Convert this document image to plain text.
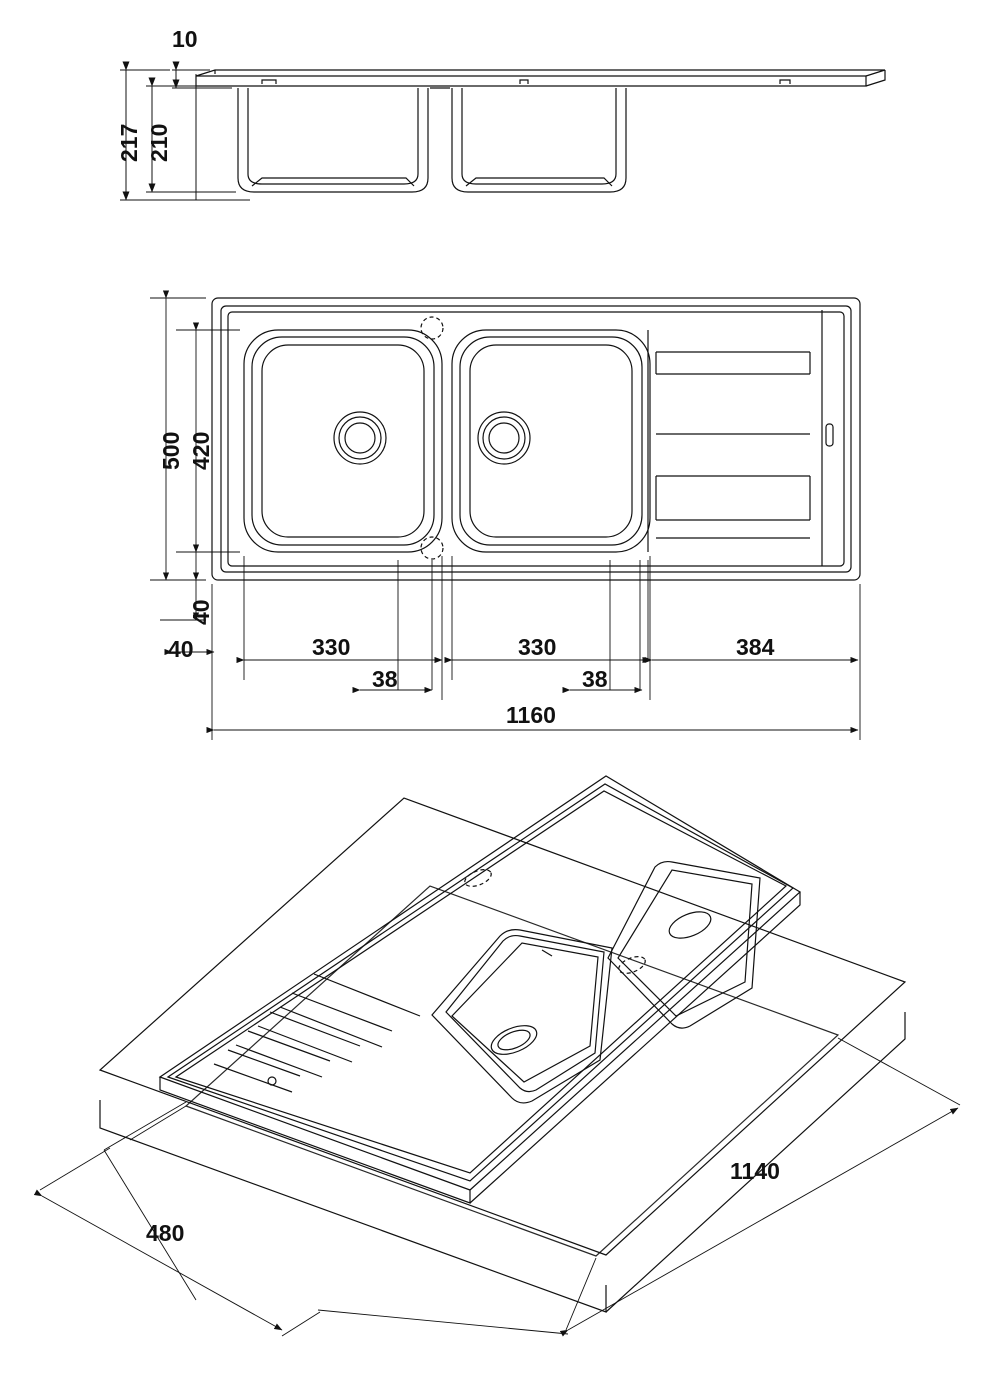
10
217 210
500 420
40
40	330	330	384
38	38
1160
480
1140
